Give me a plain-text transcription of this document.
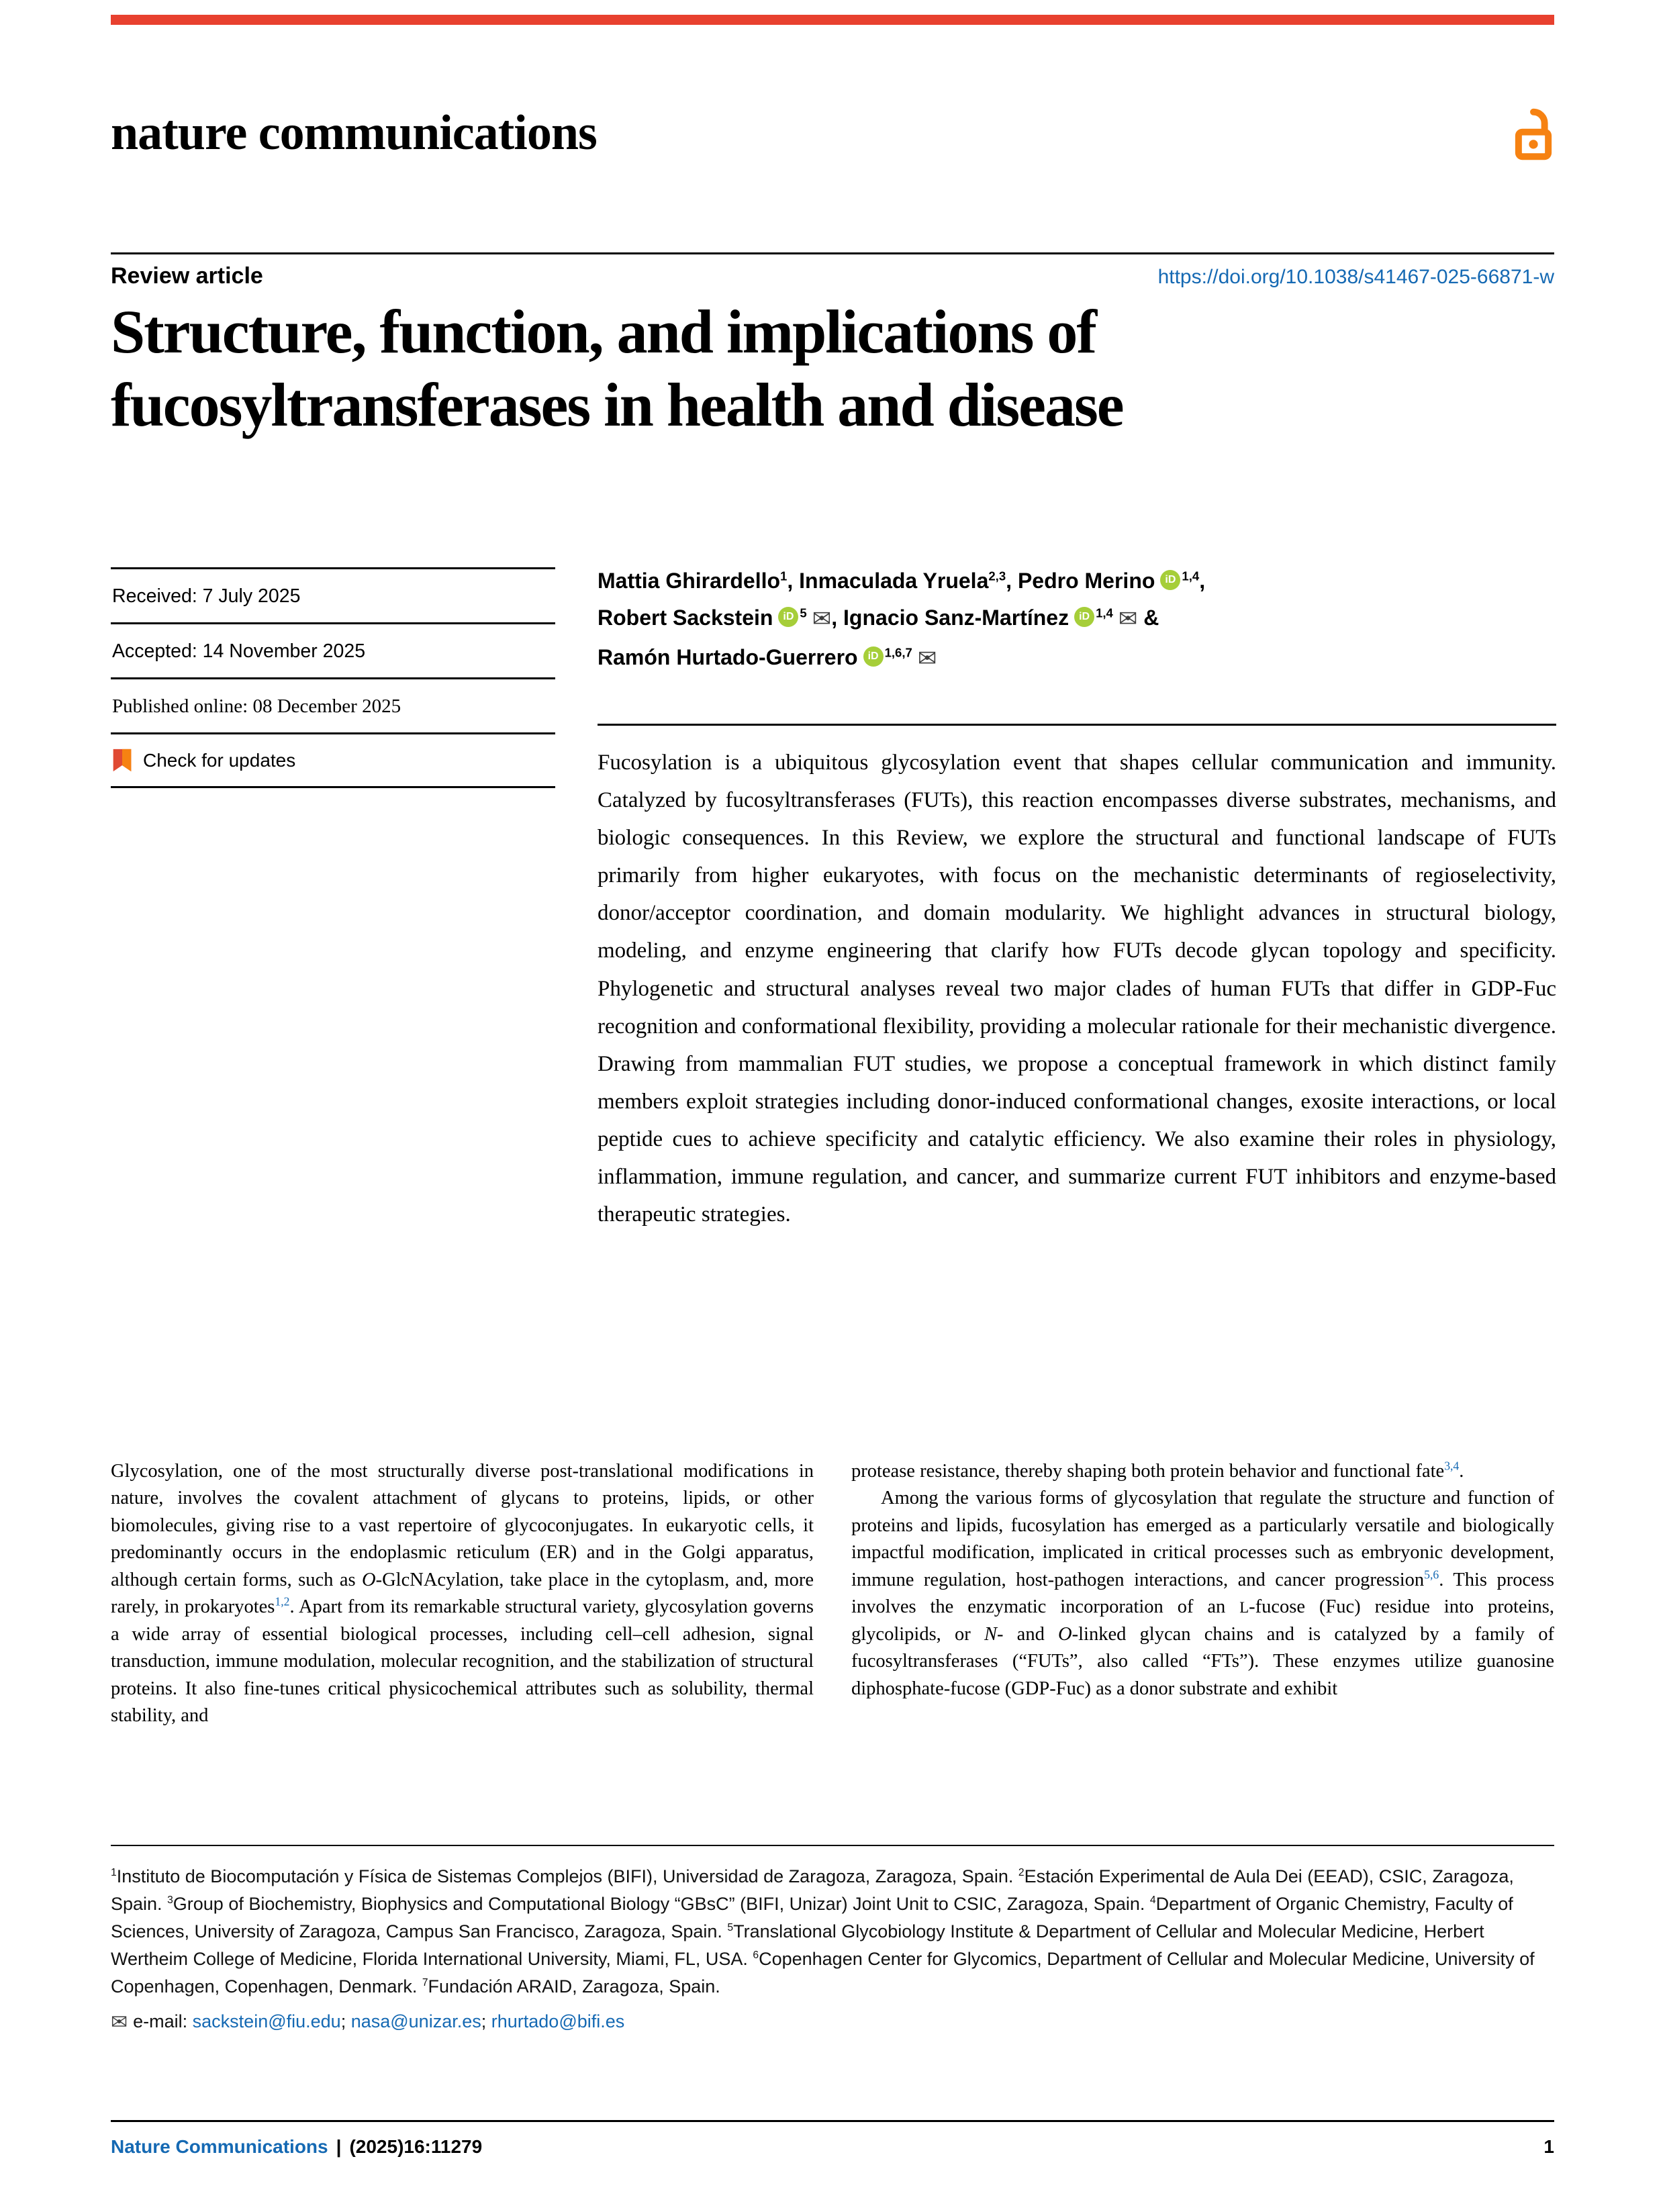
nature communications
Review article	https://doi.org/10.1038/s41467-025-66871-w
Structure, function, and implications of
fucosyltransferases in health and disease
Received: 7 July 2025
Accepted: 14 November 2025
Published online: 08 December 2025
Check for updates
Mattia Ghirardello$^1$, Inmaculada Yruela$^{2,3}$, Pedro Merino iD $^{1,4}$,
Robert Sackstein iD $^5$ ✉, Ignacio Sanz-Martínez iD $^{1,4}$ ✉ &
Ramón Hurtado-Guerrero iD $^{1,6,7}$ ✉
Fucosylation is a ubiquitous glycosylation event that shapes cellular communication and immunity. Catalyzed by fucosyltransferases (FUTs), this reaction encompasses diverse substrates, mechanisms, and biologic consequences. In this Review, we explore the structural and functional landscape of FUTs primarily from higher eukaryotes, with focus on the mechanistic determinants of regioselectivity, donor/acceptor coordination, and domain modularity. We highlight advances in structural biology, modeling, and enzyme engineering that clarify how FUTs decode glycan topology and specificity. Phylogenetic and structural analyses reveal two major clades of human FUTs that differ in GDP-Fuc recognition and conformational flexibility, providing a molecular rationale for their mechanistic divergence. Drawing from mammalian FUT studies, we propose a conceptual framework in which distinct family members exploit strategies including donor-induced conformational changes, exosite interactions, or local peptide cues to achieve specificity and catalytic efficiency. We also examine their roles in physiology, inflammation, immune regulation, and cancer, and summarize current FUT inhibitors and enzyme-based therapeutic strategies.

Glycosylation, one of the most structurally diverse post-translational modifications in nature, involves the covalent attachment of glycans to proteins, lipids, or other biomolecules, giving rise to a vast repertoire of glycoconjugates. In eukaryotic cells, it predominantly occurs in the endoplasmic reticulum (ER) and in the Golgi apparatus, although certain forms, such as O-GlcNAcylation, take place in the cytoplasm, and, more rarely, in prokaryotes$^{1,2}$. Apart from its remarkable structural variety, glycosylation governs a wide array of essential biological processes, including cell–cell adhesion, signal transduction, immune modulation, molecular recognition, and the stabilization of structural proteins. It also fine-tunes critical physicochemical attributes such as solubility, thermal stability, and

protease resistance, thereby shaping both protein behavior and functional fate$^{3,4}$.

Among the various forms of glycosylation that regulate the structure and function of proteins and lipids, fucosylation has emerged as a particularly versatile and biologically impactful modification, implicated in critical processes such as embryonic development, immune regulation, host-pathogen interactions, and cancer progression$^{5,6}$. This process involves the enzymatic incorporation of an L-fucose (Fuc) residue into proteins, glycolipids, or N- and O-linked glycan chains and is catalyzed by a family of fucosyltransferases (“FUTs”, also called “FTs”). These enzymes utilize guanosine diphosphate-fucose (GDP-Fuc) as a donor substrate and exhibit

$^1$Instituto de Biocomputación y Física de Sistemas Complejos (BIFI), Universidad de Zaragoza, Zaragoza, Spain. $^2$Estación Experimental de Aula Dei (EEAD), CSIC, Zaragoza, Spain. $^3$Group of Biochemistry, Biophysics and Computational Biology “GBsC” (BIFI, Unizar) Joint Unit to CSIC, Zaragoza, Spain. $^4$Department of Organic Chemistry, Faculty of Sciences, University of Zaragoza, Campus San Francisco, Zaragoza, Spain. $^5$Translational Glycobiology Institute & Department of Cellular and Molecular Medicine, Herbert Wertheim College of Medicine, Florida International University, Miami, FL, USA. $^6$Copenhagen Center for Glycomics, Department of Cellular and Molecular Medicine, University of Copenhagen, Copenhagen, Denmark. $^7$Fundación ARAID, Zaragoza, Spain.
✉ e-mail: sackstein@fiu.edu; nasa@unizar.es; rhurtado@bifi.es
Nature Communications | (2025)16:11279	1
